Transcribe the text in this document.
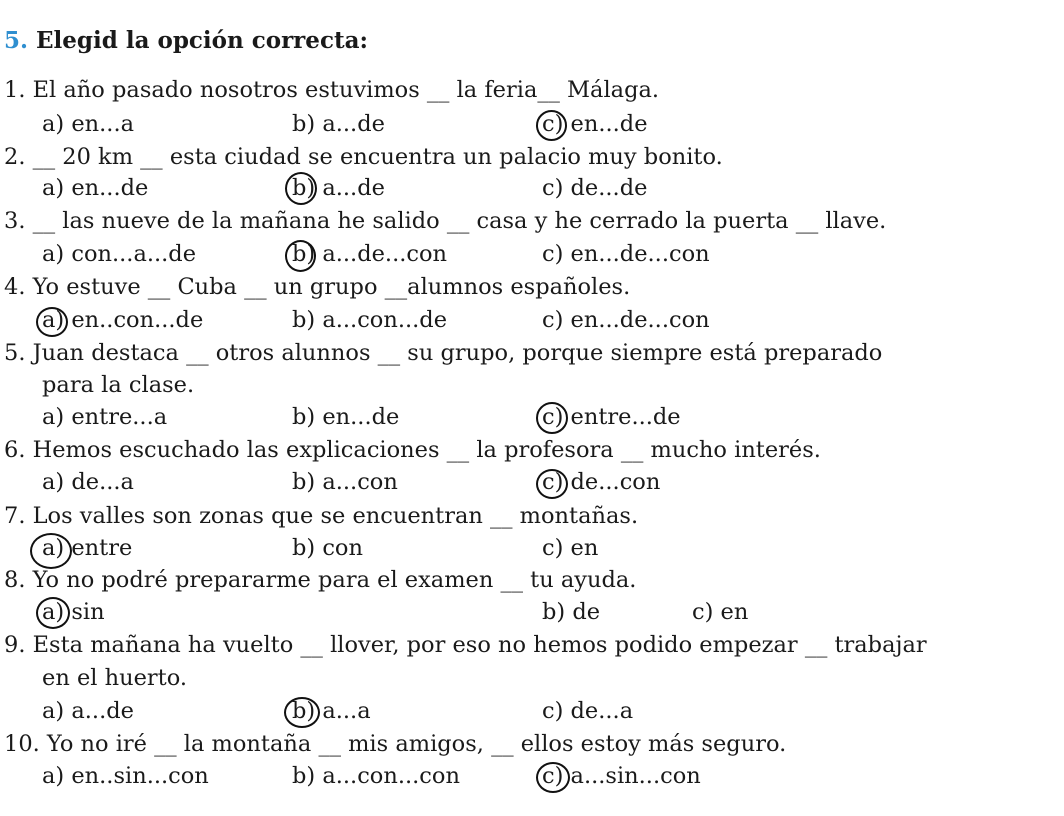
5. Elegid la opción correcta:
1. El año pasado nosotros estuvimos __ la feria__ Málaga.
a) en...a	b) a...de	c) en...de
2. __ 20 km __ esta ciudad se encuentra un palacio muy bonito.
a) en...de	b) a...de	c) de...de
3. __ las nueve de la mañana he salido __ casa y he cerrado la puerta __ llave.
a) con...a...de	b) a...de...con	c) en...de...con
4. Yo estuve __ Cuba __ un grupo __alumnos españoles.
a) en..con...de	b) a...con...de	c) en...de...con
5. Juan destaca __ otros alunnos __ su grupo, porque siempre está preparado
para la clase.
a) entre...a	b) en...de	c) entre...de
6. Hemos escuchado las explicaciones __ la profesora __ mucho interés.
a) de...a	b) a...con	c) de...con
7. Los valles son zonas que se encuentran __ montañas.
a) entre	b) con	c) en
8. Yo no podré prepararme para el examen __ tu ayuda.
a) sin	b) de	c) en
9. Esta mañana ha vuelto __ llover, por eso no hemos podido empezar __ trabajar
en el huerto.
a) a...de	b) a...a	c) de...a
10. Yo no iré __ la montaña __ mis amigos, __ ellos estoy más seguro.
a) en..sin...con	b) a...con...con	c) a...sin...con
